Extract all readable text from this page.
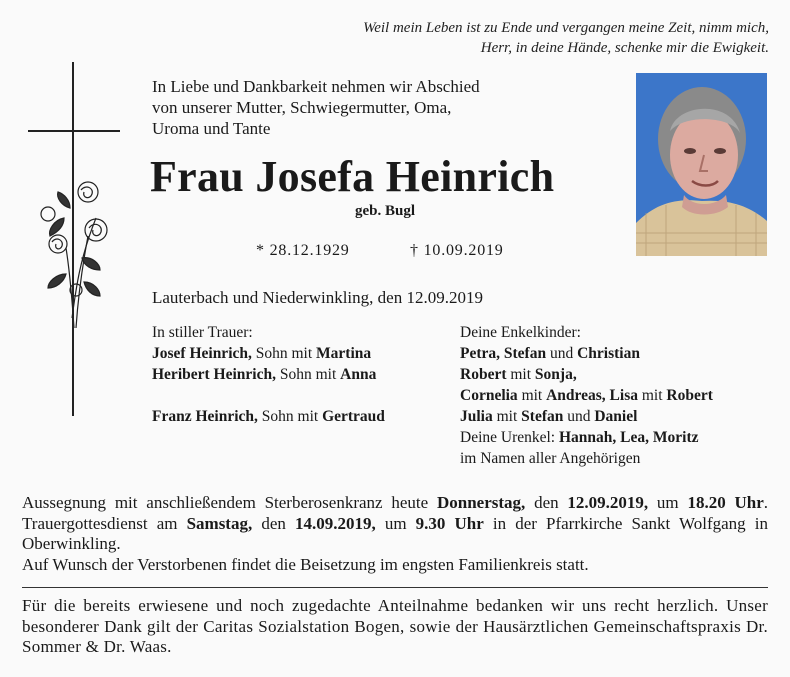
Weil mein Leben ist zu Ende und vergangen meine Zeit, nimm mich,
Herr, in deine Hände, schenke mir die Ewigkeit.
In Liebe und Dankbarkeit nehmen wir Abschied
von unserer Mutter, Schwiegermutter, Oma,
Uroma und Tante
Frau Josefa Heinrich
geb. Bugl
* 28.12.1929	† 10.09.2019
Lauterbach und Niederwinkling, den 12.09.2019
In stiller Trauer:
Josef Heinrich, Sohn mit Martina
Heribert Heinrich, Sohn mit Anna
Franz Heinrich, Sohn mit Gertraud
Deine Enkelkinder:
Petra, Stefan und Christian
Robert mit Sonja,
Cornelia mit Andreas, Lisa mit Robert
Julia mit Stefan und Daniel
Deine Urenkel: Hannah, Lea, Moritz
im Namen aller Angehörigen
Aussegnung mit anschließendem Sterberosenkranz heute Donnerstag, den 12.09.2019, um 18.20 Uhr. Trauergottesdienst am Samstag, den 14.09.2019, um 9.30 Uhr in der Pfarrkirche Sankt Wolfgang in Oberwinkling.
Auf Wunsch der Verstorbenen findet die Beisetzung im engsten Familienkreis statt.
Für die bereits erwiesene und noch zugedachte Anteilnahme bedanken wir uns recht herzlich. Unser besonderer Dank gilt der Caritas Sozialstation Bogen, sowie der Hausärztlichen Gemeinschaftspraxis Dr. Sommer & Dr. Waas.
